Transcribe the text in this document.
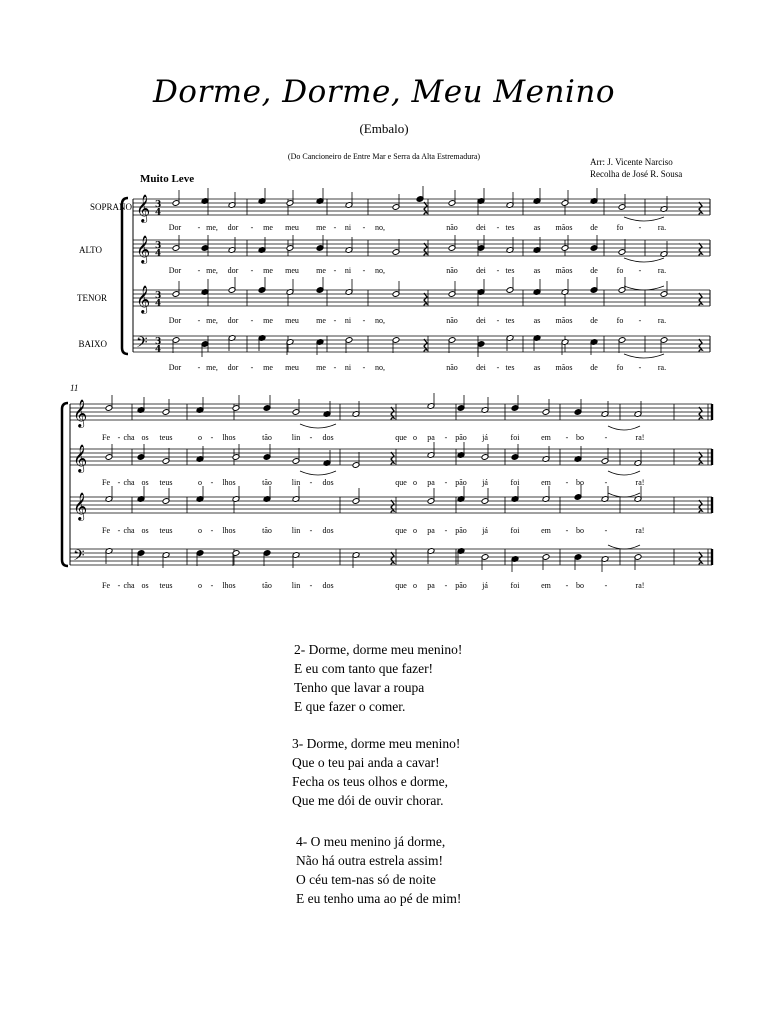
Dorme, Dorme, Meu Menino
(Embalo)
(Do Cancioneiro de Entre Mar e Serra da Alta Estremadura)
Arr: J. Vicente Narciso
Recolha de José R. Sousa
Muito Leve
SOPRANO
ALTO
TENOR
BAIXO
𝄞 3
4
𝄞 3
4
𝄞 3
4
𝄢 3
4
Dor - me, dor - me meu me - ni - no,	não dei - tes as mãos de fo - ra.
Dor - me, dor - me meu me - ni - no,	não dei - tes as mãos de fo - ra.
Dor - me, dor - me meu me - ni - no,	não dei - tes as mãos de fo - ra.
Dor - me, dor - me meu me - ni - no,	não dei - tes as mãos de fo - ra.
11
𝄞
𝄞
𝄞
𝄢
Fe - cha os teus	o - lhos	tão lin - dos	que o pa - pão já	foi	em - bo	-	ra!
Fe - cha os teus	o - lhos	tão lin - dos	que o pa - pão já	foi	em - bo	-	ra!
Fe - cha os teus	o - lhos	tão lin - dos	que o pa - pão já	foi	em - bo	-	ra!
Fe - cha os teus	o - lhos	tão lin - dos	que o pa - pão já	foi	em - bo	-	ra!
2- Dorme, dorme meu menino!
E eu com tanto que fazer!
Tenho que lavar a roupa
E que fazer o comer.
3- Dorme, dorme meu menino!
Que o teu pai anda a cavar!
Fecha os teus olhos e dorme,
Que me dói de ouvir chorar.
4- O meu menino já dorme,
Não há outra estrela assim!
O céu tem-nas só de noite
E eu tenho uma ao pé de mim!
